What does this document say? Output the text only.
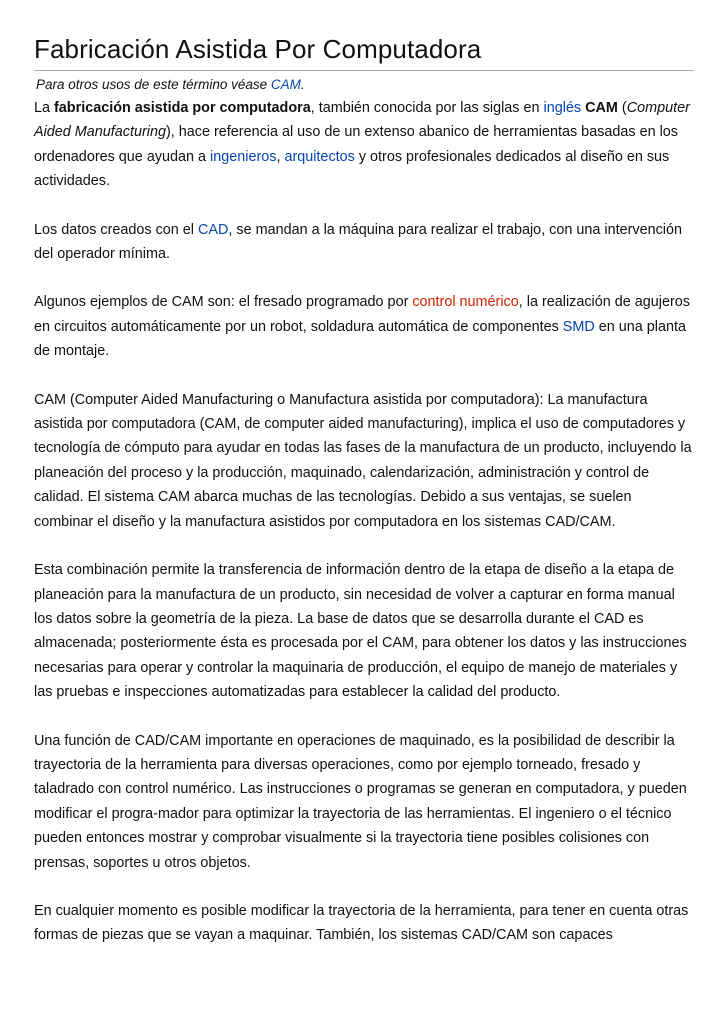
Fabricación Asistida Por Computadora
Para otros usos de este término véase CAM.

La fabricación asistida por computadora, también conocida por las siglas en inglés CAM (Computer Aided Manufacturing), hace referencia al uso de un extenso abanico de herramientas basadas en los ordenadores que ayudan a ingenieros, arquitectos y otros profesionales dedicados al diseño en sus actividades.

Los datos creados con el CAD, se mandan a la máquina para realizar el trabajo, con una intervención del operador mínima.

Algunos ejemplos de CAM son: el fresado programado por control numérico, la realización de agujeros en circuitos automáticamente por un robot, soldadura automática de componentes SMD en una planta de montaje.

CAM (Computer Aided Manufacturing o Manufactura asistida por computadora): La manufactura asistida por computadora (CAM, de computer aided manufacturing), implica el uso de computadores y tecnología de cómputo para ayudar en todas las fases de la manufactura de un producto, incluyendo la planeación del proceso y la producción, maquinado, calendarización, administración y control de calidad. El sistema CAM abarca muchas de las tecnologías. Debido a sus ventajas, se suelen combinar el diseño y la manufactura asistidos por computadora en los sistemas CAD/CAM.

Esta combinación permite la transferencia de información dentro de la etapa de diseño a la etapa de planeación para la manufactura de un producto, sin necesidad de volver a capturar en forma manual los datos sobre la geometría de la pieza. La base de datos que se desarrolla durante el CAD es almacenada; posteriormente ésta es procesada por el CAM, para obtener los datos y las instrucciones necesarias para operar y controlar la maquinaria de producción, el equipo de manejo de materiales y las pruebas e inspecciones automatizadas para establecer la calidad del producto.

Una función de CAD/CAM importante en operaciones de maquinado, es la posibilidad de describir la trayectoria de la herramienta para diversas operaciones, como por ejemplo torneado, fresado y taladrado con control numérico. Las instrucciones o programas se generan en computadora, y pueden modificar el progra-mador para optimizar la trayectoria de las herramientas. El ingeniero o el técnico pueden entonces mostrar y comprobar visualmente si la trayectoria tiene posibles colisiones con prensas, soportes u otros objetos.

En cualquier momento es posible modificar la trayectoria de la herramienta, para tener en cuenta otras formas de piezas que se vayan a maquinar. También, los sistemas CAD/CAM son capaces
